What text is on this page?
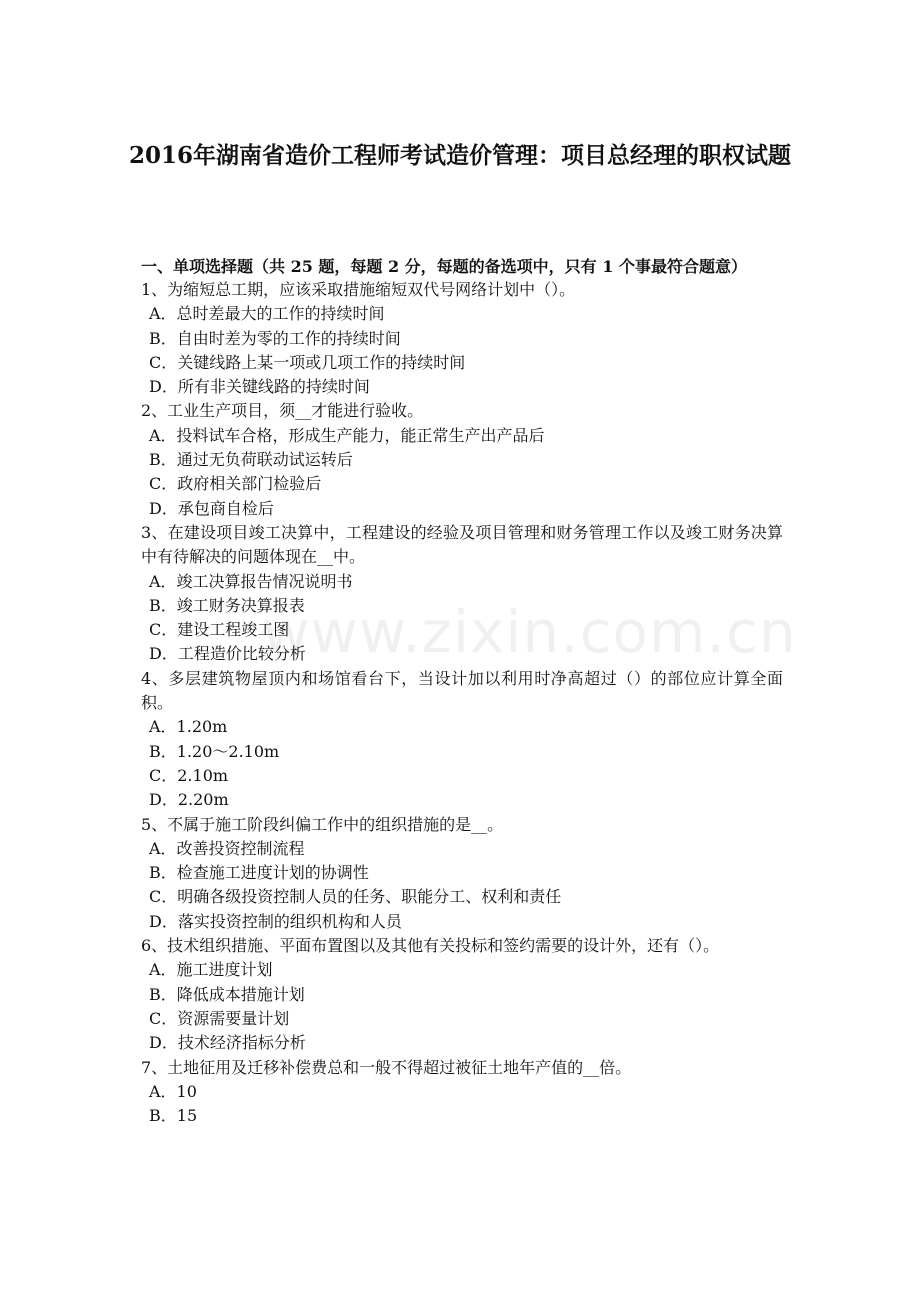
2016年湖南省造价工程师考试造价管理：项目总经理的职权试题
www.zixin.com.cn
一、单项选择题（共 25 题，每题 2 分，每题的备选项中，只有 1 个事最符合题意）
1、为缩短总工期，应该采取措施缩短双代号网络计划中（）。
A．总时差最大的工作的持续时间
B．自由时差为零的工作的持续时间
C．关键线路上某一项或几项工作的持续时间
D．所有非关键线路的持续时间
2、工业生产项目，须__才能进行验收。
A．投料试车合格，形成生产能力，能正常生产出产品后
B．通过无负荷联动试运转后
C．政府相关部门检验后
D．承包商自检后
3、在建设项目竣工决算中，工程建设的经验及项目管理和财务管理工作以及竣工财务决算中有待解决的问题体现在__中。
A．竣工决算报告情况说明书
B．竣工财务决算报表
C．建设工程竣工图
D．工程造价比较分析
4、多层建筑物屋顶内和场馆看台下，当设计加以利用时净高超过（）的部位应计算全面积。
A．1.20m
B．1.20～2.10m
C．2.10m
D．2.20m
5、不属于施工阶段纠偏工作中的组织措施的是__。
A．改善投资控制流程
B．检查施工进度计划的协调性
C．明确各级投资控制人员的任务、职能分工、权利和责任
D．落实投资控制的组织机构和人员
6、技术组织措施、平面布置图以及其他有关投标和签约需要的设计外，还有（）。
A．施工进度计划
B．降低成本措施计划
C．资源需要量计划
D．技术经济指标分析
7、土地征用及迁移补偿费总和一般不得超过被征土地年产值的__倍。
A．10
B．15
